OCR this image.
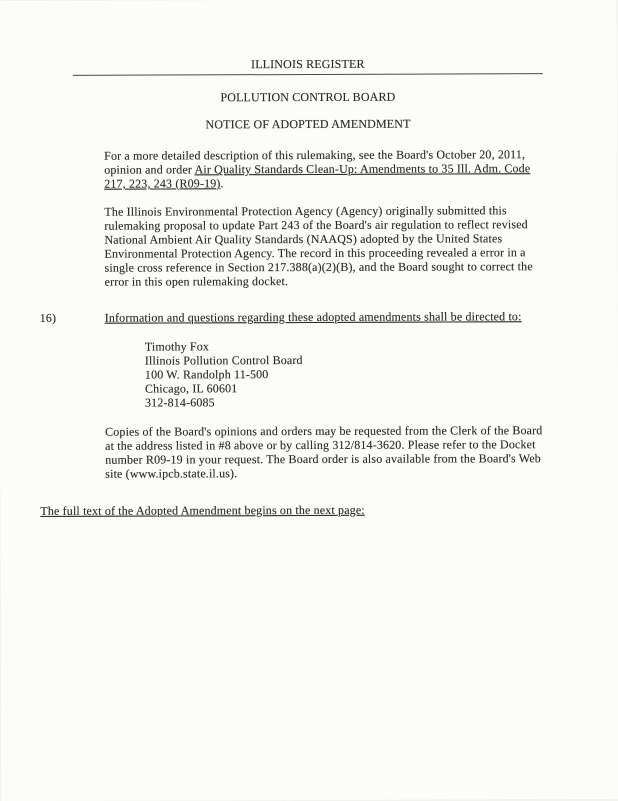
ILLINOIS REGISTER
POLLUTION CONTROL BOARD
NOTICE OF ADOPTED AMENDMENT

For a more detailed description of this rulemaking, see the Board's October 20, 2011, opinion and order Air Quality Standards Clean-Up: Amendments to 35 Ill. Adm. Code 217, 223, 243 (R09-19).

The Illinois Environmental Protection Agency (Agency) originally submitted this rulemaking proposal to update Part 243 of the Board's air regulation to reflect revised National Ambient Air Quality Standards (NAAQS) adopted by the United States Environmental Protection Agency. The record in this proceeding revealed a error in a single cross reference in Section 217.388(a)(2)(B), and the Board sought to correct the error in this open rulemaking docket.

16)	Information and questions regarding these adopted amendments shall be directed to:
Timothy Fox
Illinois Pollution Control Board
100 W. Randolph 11-500
Chicago, IL 60601
312-814-6085

Copies of the Board's opinions and orders may be requested from the Clerk of the Board at the address listed in #8 above or by calling 312/814-3620. Please refer to the Docket number R09-19 in your request. The Board order is also available from the Board's Web site (www.ipcb.state.il.us).

The full text of the Adopted Amendment begins on the next page:
